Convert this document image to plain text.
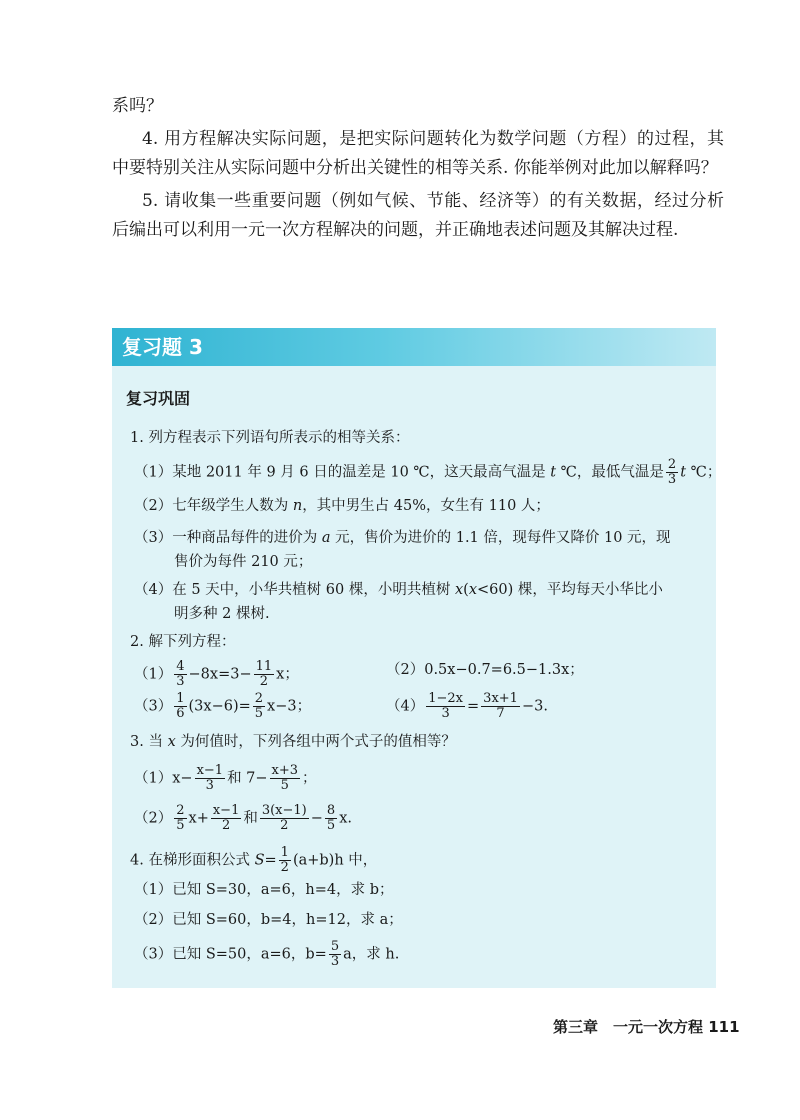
系吗？

4. 用方程解决实际问题，是把实际问题转化为数学问题（方程）的过程，其中要特别关注从实际问题中分析出关键性的相等关系. 你能举例对此加以解释吗？

5. 请收集一些重要问题（例如气候、节能、经济等）的有关数据，经过分析后编出可以利用一元一次方程解决的问题，并正确地表述问题及其解决过程.

复习题 3
复习巩固
1. 列方程表示下列语句所表示的相等关系：
（1）某地 2011 年 9 月 6 日的温差是 10 ℃，这天最高气温是 t ℃，最低气温是 $\frac{2}{3}$ t ℃；
（2）七年级学生人数为 n，其中男生占 45%，女生有 110 人；
（3）一种商品每件的进价为 a 元，售价为进价的 1.1 倍，现每件又降价 10 元，现
售价为每件 210 元；
（4）在 5 天中，小华共植树 60 棵，小明共植树 x(x<60) 棵，平均每天小华比小
明多种 2 棵树.
2. 解下列方程：
$(1) \frac{4}{3} -8x=3- \frac{11}{2}$ x；	（2）0.5x−0.7=6.5−1.3x；
$(3) \frac{1}{6} (3x-6)= \frac{2}{5} x-3$；	$(4) \frac{1-2x}{3} = \frac{3x+1}{7} -3$.
3. 当 x 为何值时，下列各组中两个式子的值相等？
$(1)x- \frac{x-1}{3}$ 和 $7- \frac{x+3}{5}$ ；
$(2) \frac{2}{5} x+ \frac{x-1}{2}$ 和 $\frac{3(x-1)}{2} - \frac{8}{5} x$.
4. 在梯形面积公式 $S= \frac{1}{2} (a+b)h$ 中，
（1）已知 S=30，a=6，h=4，求 b；
（2）已知 S=60，b=4，h=12，求 a；
（3）已知 S=50，a=6，$b= \frac{5}{3}$ a，求 h.
第三章　一元一次方程 111
